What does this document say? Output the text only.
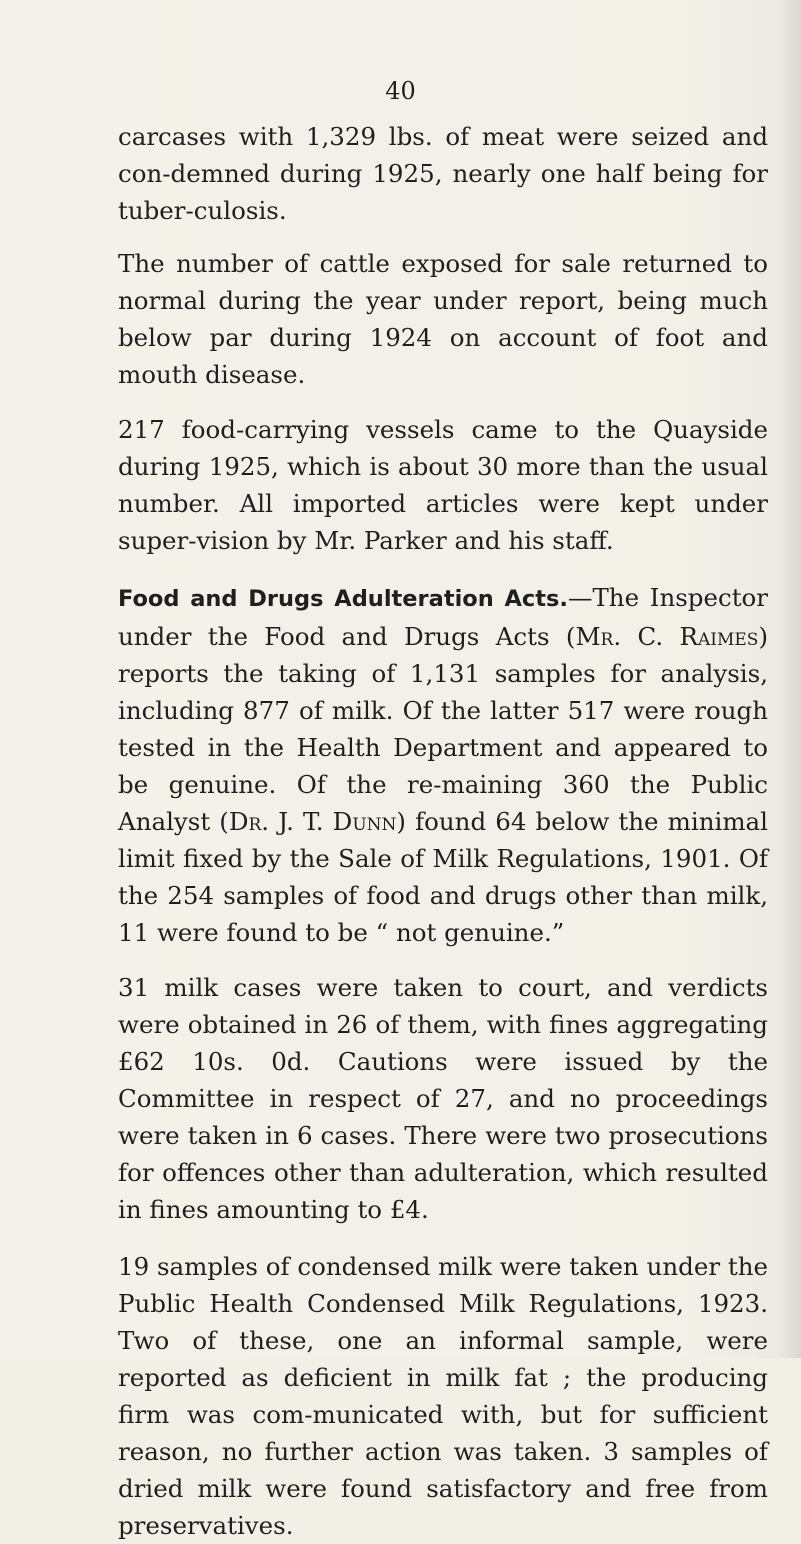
40

carcases with 1,329 lbs. of meat were seized and con-demned during 1925, nearly one half being for tuber-culosis.

The number of cattle exposed for sale returned to normal during the year under report, being much below par during 1924 on account of foot and mouth disease.

217 food-carrying vessels came to the Quayside during 1925, which is about 30 more than the usual number. All imported articles were kept under super-vision by Mr. Parker and his staff.

Food and Drugs Adulteration Acts.—The Inspector under the Food and Drugs Acts (Mr. C. Raimes) reports the taking of 1,131 samples for analysis, including 877 of milk. Of the latter 517 were rough tested in the Health Department and appeared to be genuine. Of the re-maining 360 the Public Analyst (Dr. J. T. Dunn) found 64 below the minimal limit fixed by the Sale of Milk Regulations, 1901. Of the 254 samples of food and drugs other than milk, 11 were found to be “ not genuine.”

31 milk cases were taken to court, and verdicts were obtained in 26 of them, with fines aggregating £62 10s. 0d. Cautions were issued by the Committee in respect of 27, and no proceedings were taken in 6 cases. There were two prosecutions for offences other than adulteration, which resulted in fines amounting to £4.

19 samples of condensed milk were taken under the Public Health Condensed Milk Regulations, 1923. Two of these, one an informal sample, were reported as deficient in milk fat ; the producing firm was com-municated with, but for sufficient reason, no further action was taken. 3 samples of dried milk were found satisfactory and free from preservatives.
